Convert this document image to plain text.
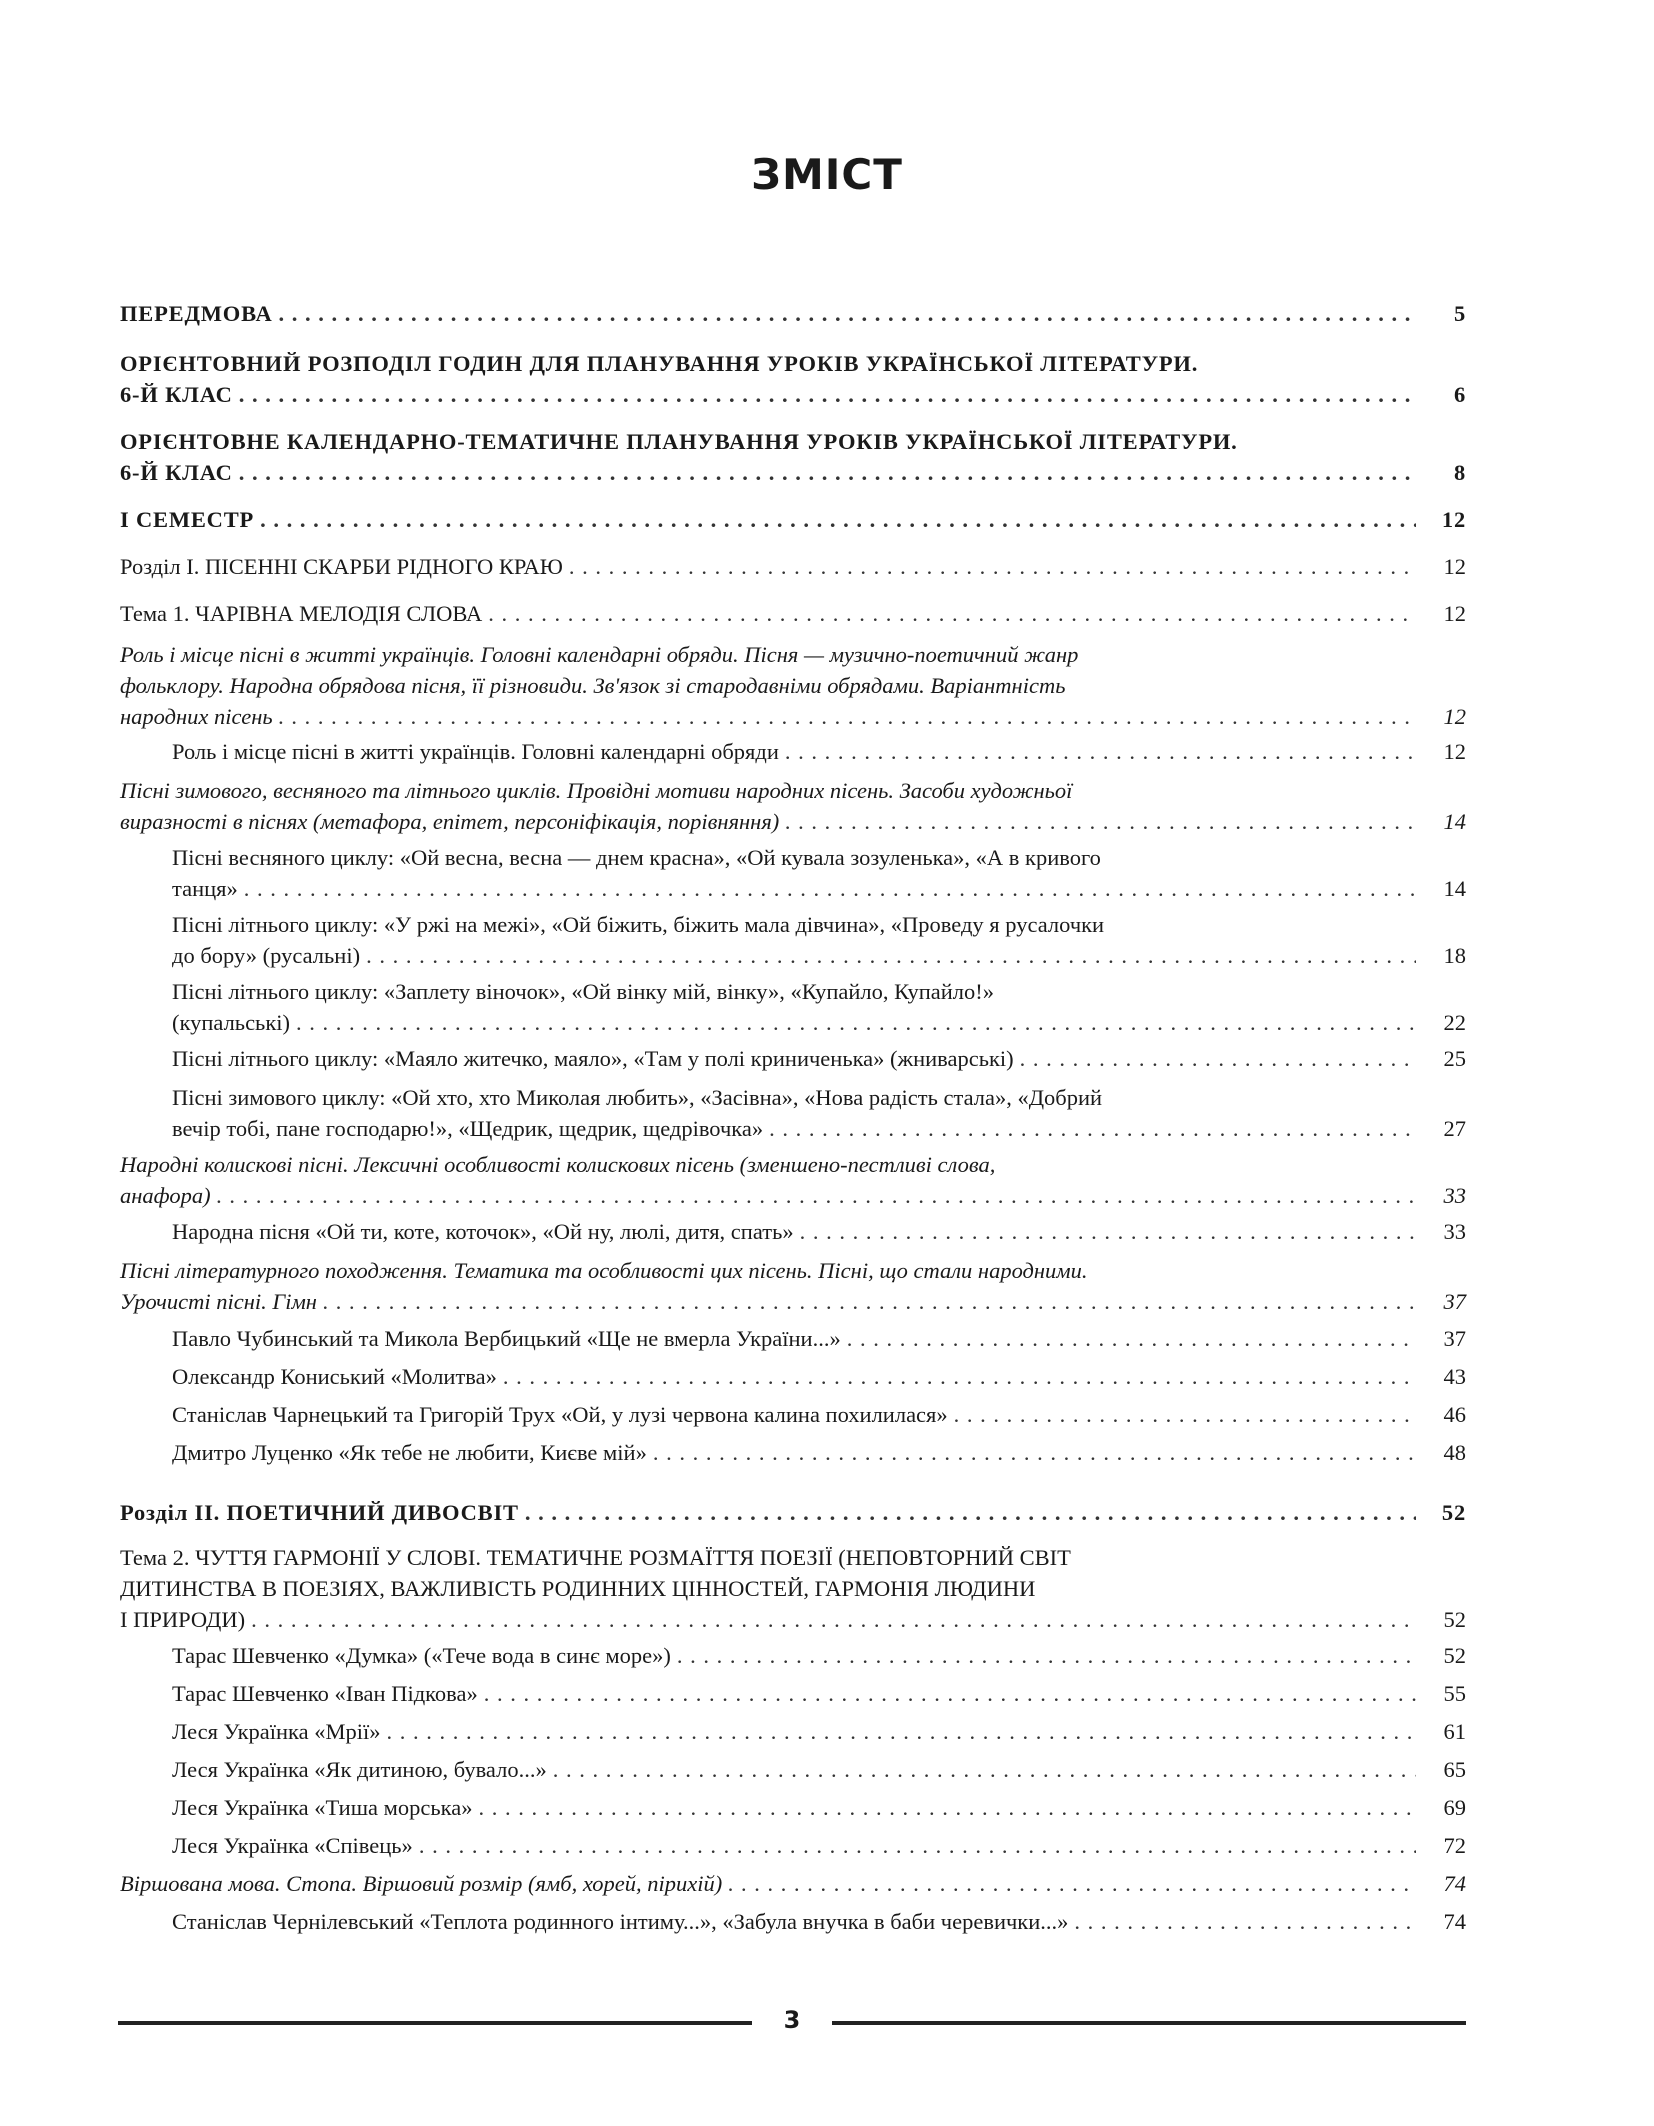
ЗМІСТ
ПЕРЕДМОВА . . .	5
ОРІЄНТОВНИЙ РОЗПОДІЛ ГОДИН ДЛЯ ПЛАНУВАННЯ УРОКІВ УКРАЇНСЬКОЇ ЛІТЕРАТУРИ.
6-Й КЛАС . . .	6
ОРІЄНТОВНЕ КАЛЕНДАРНО-ТЕМАТИЧНЕ ПЛАНУВАННЯ УРОКІВ УКРАЇНСЬКОЇ ЛІТЕРАТУРИ.
6-Й КЛАС . . .	8
І СЕМЕСТР . . .	12
Розділ І. ПІСЕННІ СКАРБИ РІДНОГО КРАЮ . . .	12
Тема 1. ЧАРІВНА МЕЛОДІЯ СЛОВА . . .	12
Роль і місце пісні в житті українців. Головні календарні обряди. Пісня — музично-поетичний жанр
фольклору. Народна обрядова пісня, її різновиди. Зв'язок зі стародавніми обрядами. Варіантність
народних пісень . . .	12
Роль і місце пісні в житті українців. Головні календарні обряди . . .	12
Пісні зимового, весняного та літнього циклів. Провідні мотиви народних пісень. Засоби художньої
виразності в піснях (метафора, епітет, персоніфікація, порівняння) . . .	14
Пісні весняного циклу: «Ой весна, весна — днем красна», «Ой кувала зозуленька», «А в кривого
танця» . . .	14
Пісні літнього циклу: «У ржі на межі», «Ой біжить, біжить мала дівчина», «Проведу я русалочки
до бору» (русальні) . . .	18
Пісні літнього циклу: «Заплету віночок», «Ой вінку мій, вінку», «Купайло, Купайло!»
(купальські) . . .	22
Пісні літнього циклу: «Маяло житечко, маяло», «Там у полі криниченька» (жниварські) . . .	25
Пісні зимового циклу: «Ой хто, хто Миколая любить», «Засівна», «Нова радість стала», «Добрий
вечір тобі, пане господарю!», «Щедрик, щедрик, щедрівочка» . . .	27
Народні колискові пісні. Лексичні особливості колискових пісень (зменшено-пестливі слова,
анафора) . . .	33
Народна пісня «Ой ти, коте, коточок», «Ой ну, люлі, дитя, спать» . . .	33
Пісні літературного походження. Тематика та особливості цих пісень. Пісні, що стали народними.
Урочисті пісні. Гімн . . .	37
Павло Чубинський та Микола Вербицький «Ще не вмерла України...» . . .	37
Олександр Кониський «Молитва» . . .	43
Станіслав Чарнецький та Григорій Трух «Ой, у лузі червона калина похилилася» . . .	46
Дмитро Луценко «Як тебе не любити, Києве мій» . . .	48
Розділ ІІ. ПОЕТИЧНИЙ ДИВОСВІТ . . .	52
Тема 2. ЧУТТЯ ГАРМОНІЇ У СЛОВІ. ТЕМАТИЧНЕ РОЗМАЇТТЯ ПОЕЗІЇ (НЕПОВТОРНИЙ СВІТ
ДИТИНСТВА В ПОЕЗІЯХ, ВАЖЛИВІСТЬ РОДИННИХ ЦІННОСТЕЙ, ГАРМОНІЯ ЛЮДИНИ
І ПРИРОДИ) . . .	52
Тарас Шевченко «Думка» («Тече вода в синє море») . . .	52
Тарас Шевченко «Іван Підкова» . . .	55
Леся Українка «Мрії» . . .	61
Леся Українка «Як дитиною, бувало...» . . .	65
Леся Українка «Тиша морська» . . .	69
Леся Українка «Співець» . . .	72
Віршована мова. Стопа. Віршовий розмір (ямб, хорей, пірихій) . . .	74
Станіслав Чернілевський «Теплота родинного інтиму...», «Забула внучка в баби черевички...» . . .	74
3
